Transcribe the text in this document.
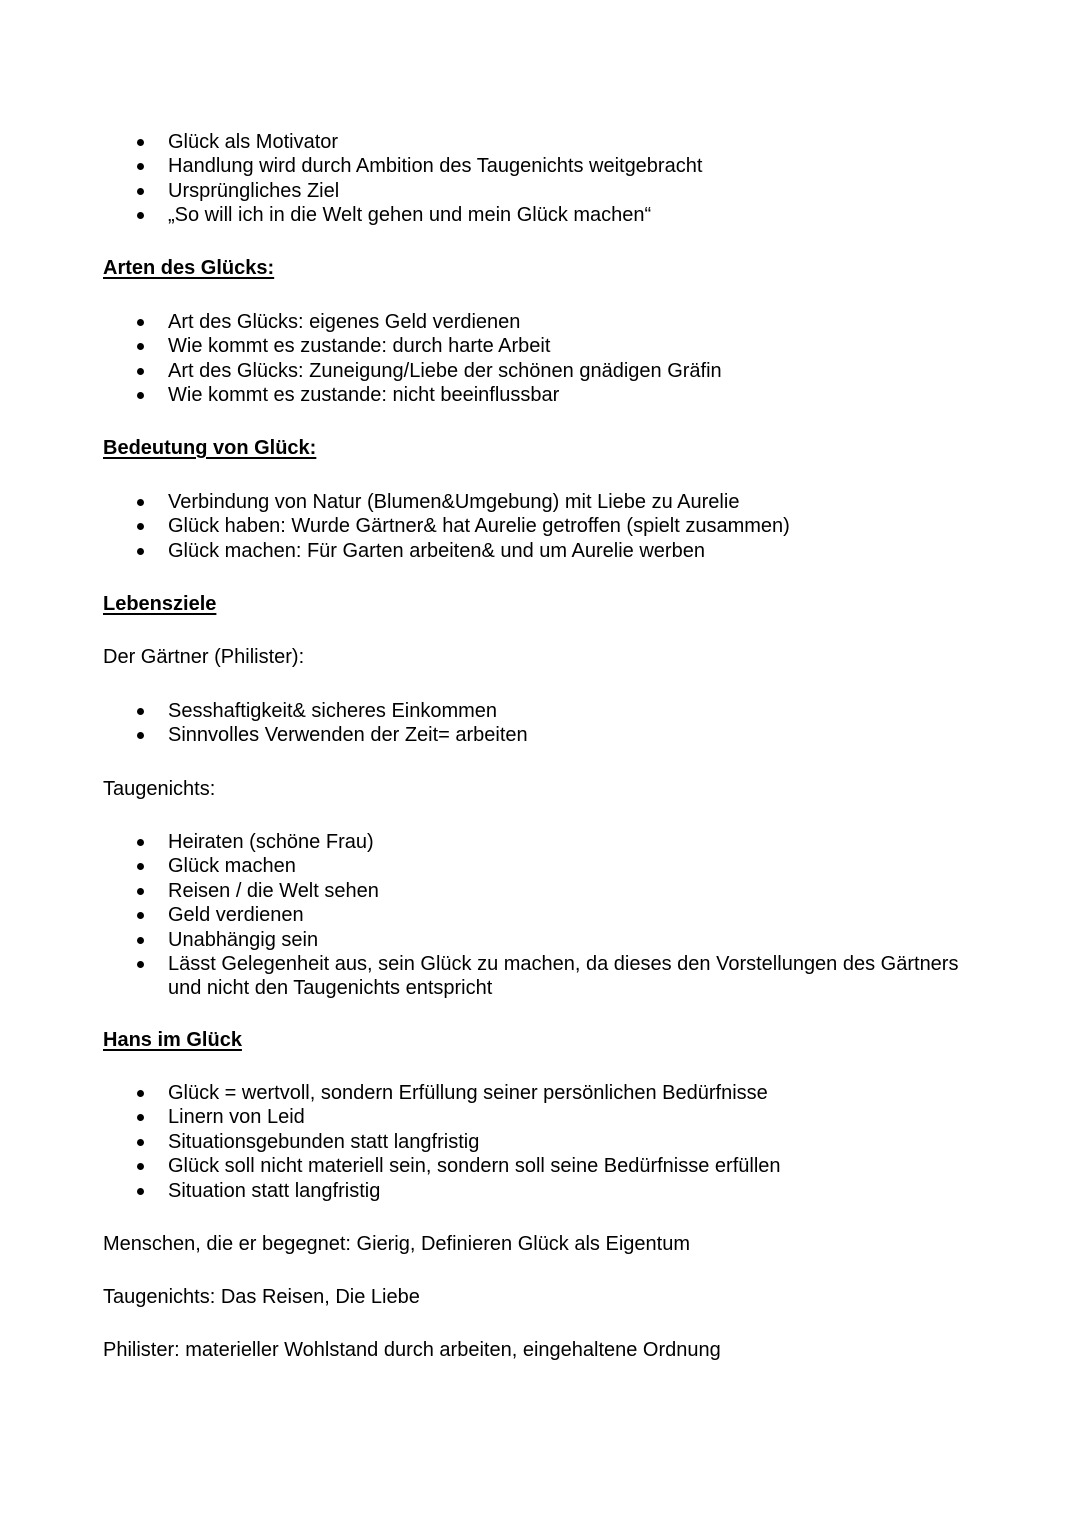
Glück als Motivator
Handlung wird durch Ambition des Taugenichts weitgebracht
Ursprüngliches Ziel
„So will ich in die Welt gehen und mein Glück machen“
Arten des Glücks:
Art des Glücks: eigenes Geld verdienen
Wie kommt es zustande: durch harte Arbeit
Art des Glücks: Zuneigung/Liebe der schönen gnädigen Gräfin
Wie kommt es zustande: nicht beeinflussbar
Bedeutung von Glück:
Verbindung von Natur (Blumen&Umgebung) mit Liebe zu Aurelie
Glück haben: Wurde Gärtner& hat Aurelie getroffen (spielt zusammen)
Glück machen: Für Garten arbeiten& und um Aurelie werben
Lebensziele
Der Gärtner (Philister):
Sesshaftigkeit& sicheres Einkommen
Sinnvolles Verwenden der Zeit= arbeiten
Taugenichts:
Heiraten (schöne Frau)
Glück machen
Reisen / die Welt sehen
Geld verdienen
Unabhängig sein
Lässt Gelegenheit aus, sein Glück zu machen, da dieses den Vorstellungen des Gärtners und nicht den Taugenichts entspricht
Hans im Glück
Glück = wertvoll, sondern Erfüllung seiner persönlichen Bedürfnisse
Linern von Leid
Situationsgebunden statt langfristig
Glück soll nicht materiell sein, sondern soll seine Bedürfnisse erfüllen
Situation statt langfristig
Menschen, die er begegnet: Gierig, Definieren Glück als Eigentum
Taugenichts: Das Reisen, Die Liebe
Philister: materieller Wohlstand durch arbeiten, eingehaltene Ordnung
